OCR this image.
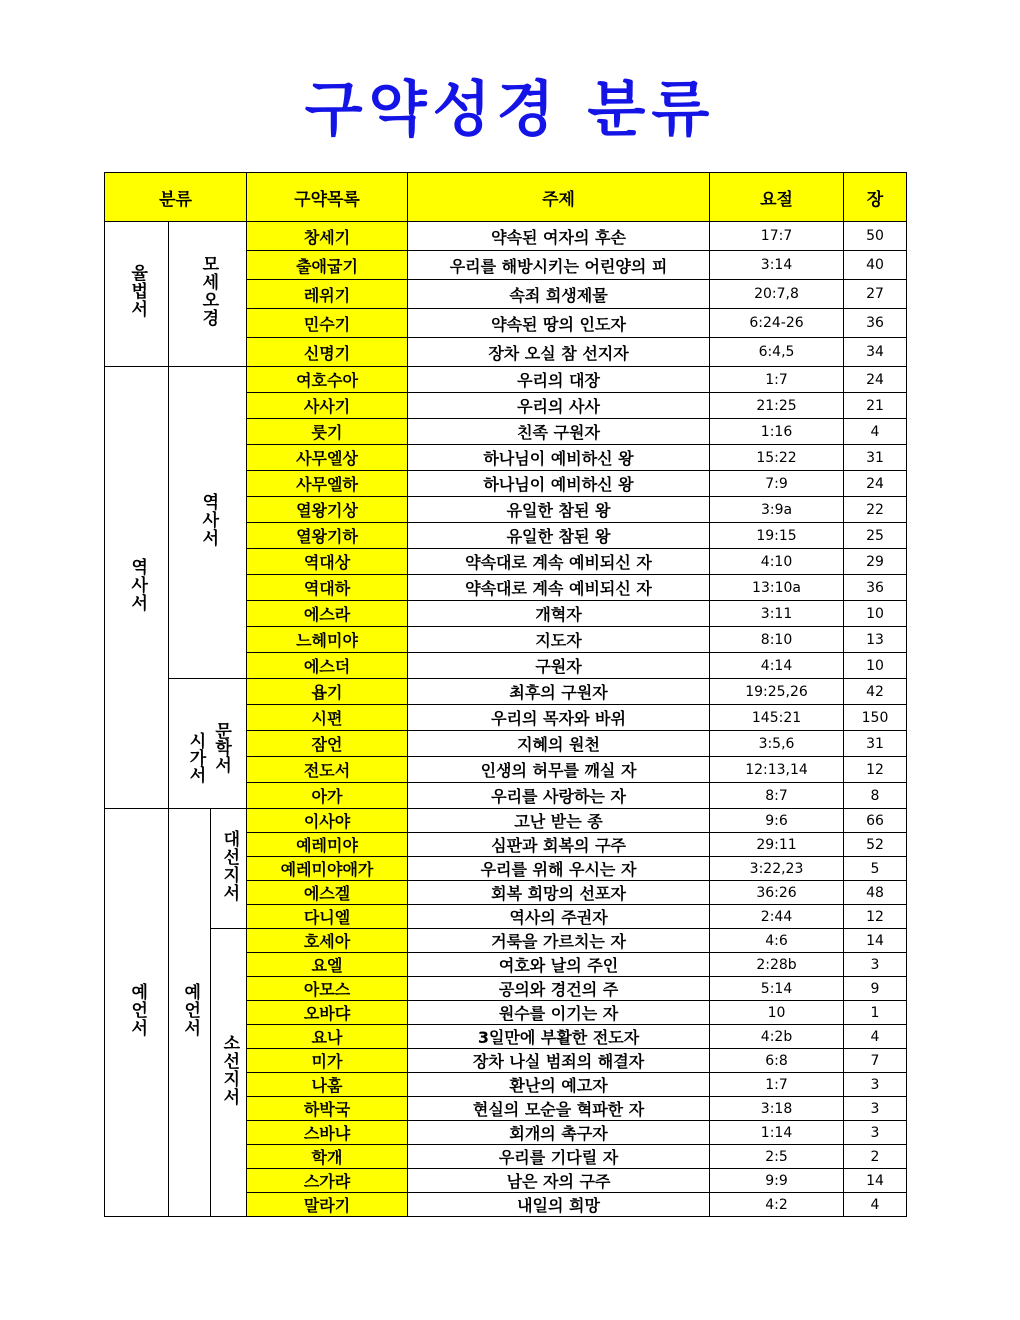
구약성경 분류
분류			구약목록	주제	요절	장
율법서	모세오경		창세기	약속된 여자의 후손	17:7	50
			출애굽기	우리를 해방시키는 어린양의 피	3:14	40
			레위기	속죄 희생제물	20:7,8	27
			민수기	약속된 땅의 인도자	6:24-26	36
			신명기	장차 오실 참 선지자	6:4,5	34
역사서	역사서		여호수아	우리의 대장	1:7	24
			사사기	우리의 사사	21:25	21
			룻기	친족 구원자	1:16	4
			사무엘상	하나님이 예비하신 왕	15:22	31
			사무엘하	하나님이 예비하신 왕	7:9	24
			열왕기상	유일한 참된 왕	3:9a	22
			열왕기하	유일한 참된 왕	19:15	25
			역대상	약속대로 계속 예비되신 자	4:10	29
			역대하	약속대로 계속 예비되신 자	13:10a	36
			에스라	개혁자	3:11	10
			느헤미야	지도자	8:10	13
			에스더	구원자	4:14	10

	시가서 문학서		욥기	최후의 구원자	19:25,26	42
			시편	우리의 목자와 바위	145:21	150
			잠언	지혜의 원천	3:5,6	31
			전도서	인생의 허무를 깨실 자	12:13,14	12
			아가	우리를 사랑하는 자	8:7	8
예언서	예언서	대선지서	이사야	고난 받는 종	9:6	66
			예레미야	심판과 회복의 구주	29:11	52
			예레미야애가	우리를 위해 우시는 자	3:22,23	5
			에스겔	회복 희망의 선포자	36:26	48
			다니엘	역사의 주권자	2:44	12
		소선지서	호세아	거룩을 가르치는 자	4:6	14
			요엘	여호와 날의 주인	2:28b	3
			아모스	공의와 경건의 주	5:14	9
			오바댜	원수를 이기는 자	10	1
			요나	3일만에 부활한 전도자	4:2b	4
			미가	장차 나실 범죄의 해결자	6:8	7
			나훔	환난의 예고자	1:7	3
			하박국	현실의 모순을 혁파한 자	3:18	3
			스바냐	회개의 촉구자	1:14	3
			학개	우리를 기다릴 자	2:5	2
			스가랴	남은 자의 구주	9:9	14
			말라기	내일의 희망	4:2	4
